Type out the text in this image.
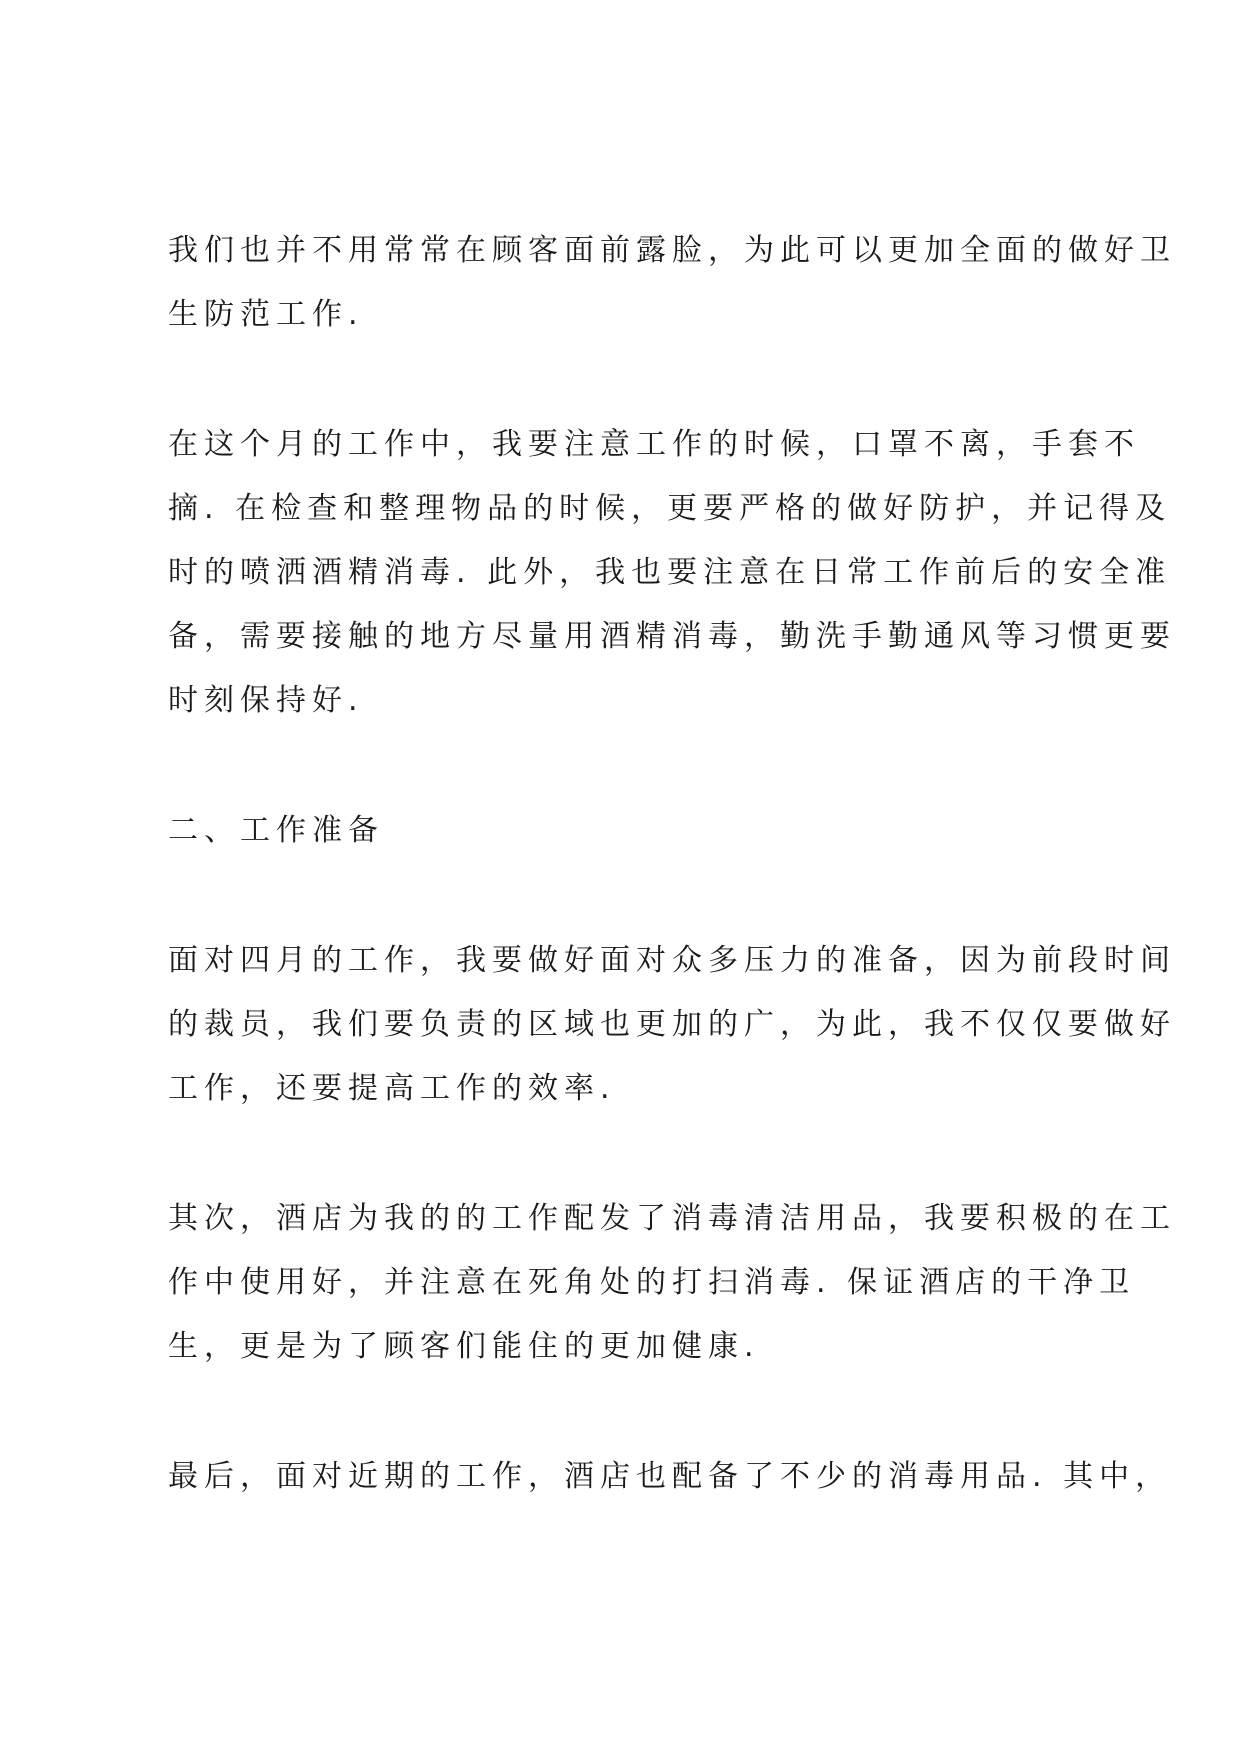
我们也并不用常常在顾客面前露脸，为此可以更加全面的做好卫
生防范工作.
在这个月的工作中，我要注意工作的时候，口罩不离，手套不
摘. 在检查和整理物品的时候，更要严格的做好防护，并记得及
时的喷洒酒精消毒. 此外，我也要注意在日常工作前后的安全准
备，需要接触的地方尽量用酒精消毒，勤洗手勤通风等习惯更要
时刻保持好.
二、工作准备
面对四月的工作，我要做好面对众多压力的准备，因为前段时间
的裁员，我们要负责的区域也更加的广，为此，我不仅仅要做好
工作，还要提高工作的效率.
其次，酒店为我的的工作配发了消毒清洁用品，我要积极的在工
作中使用好，并注意在死角处的打扫消毒. 保证酒店的干净卫
生，更是为了顾客们能住的更加健康.
最后，面对近期的工作，酒店也配备了不少的消毒用品. 其中，
